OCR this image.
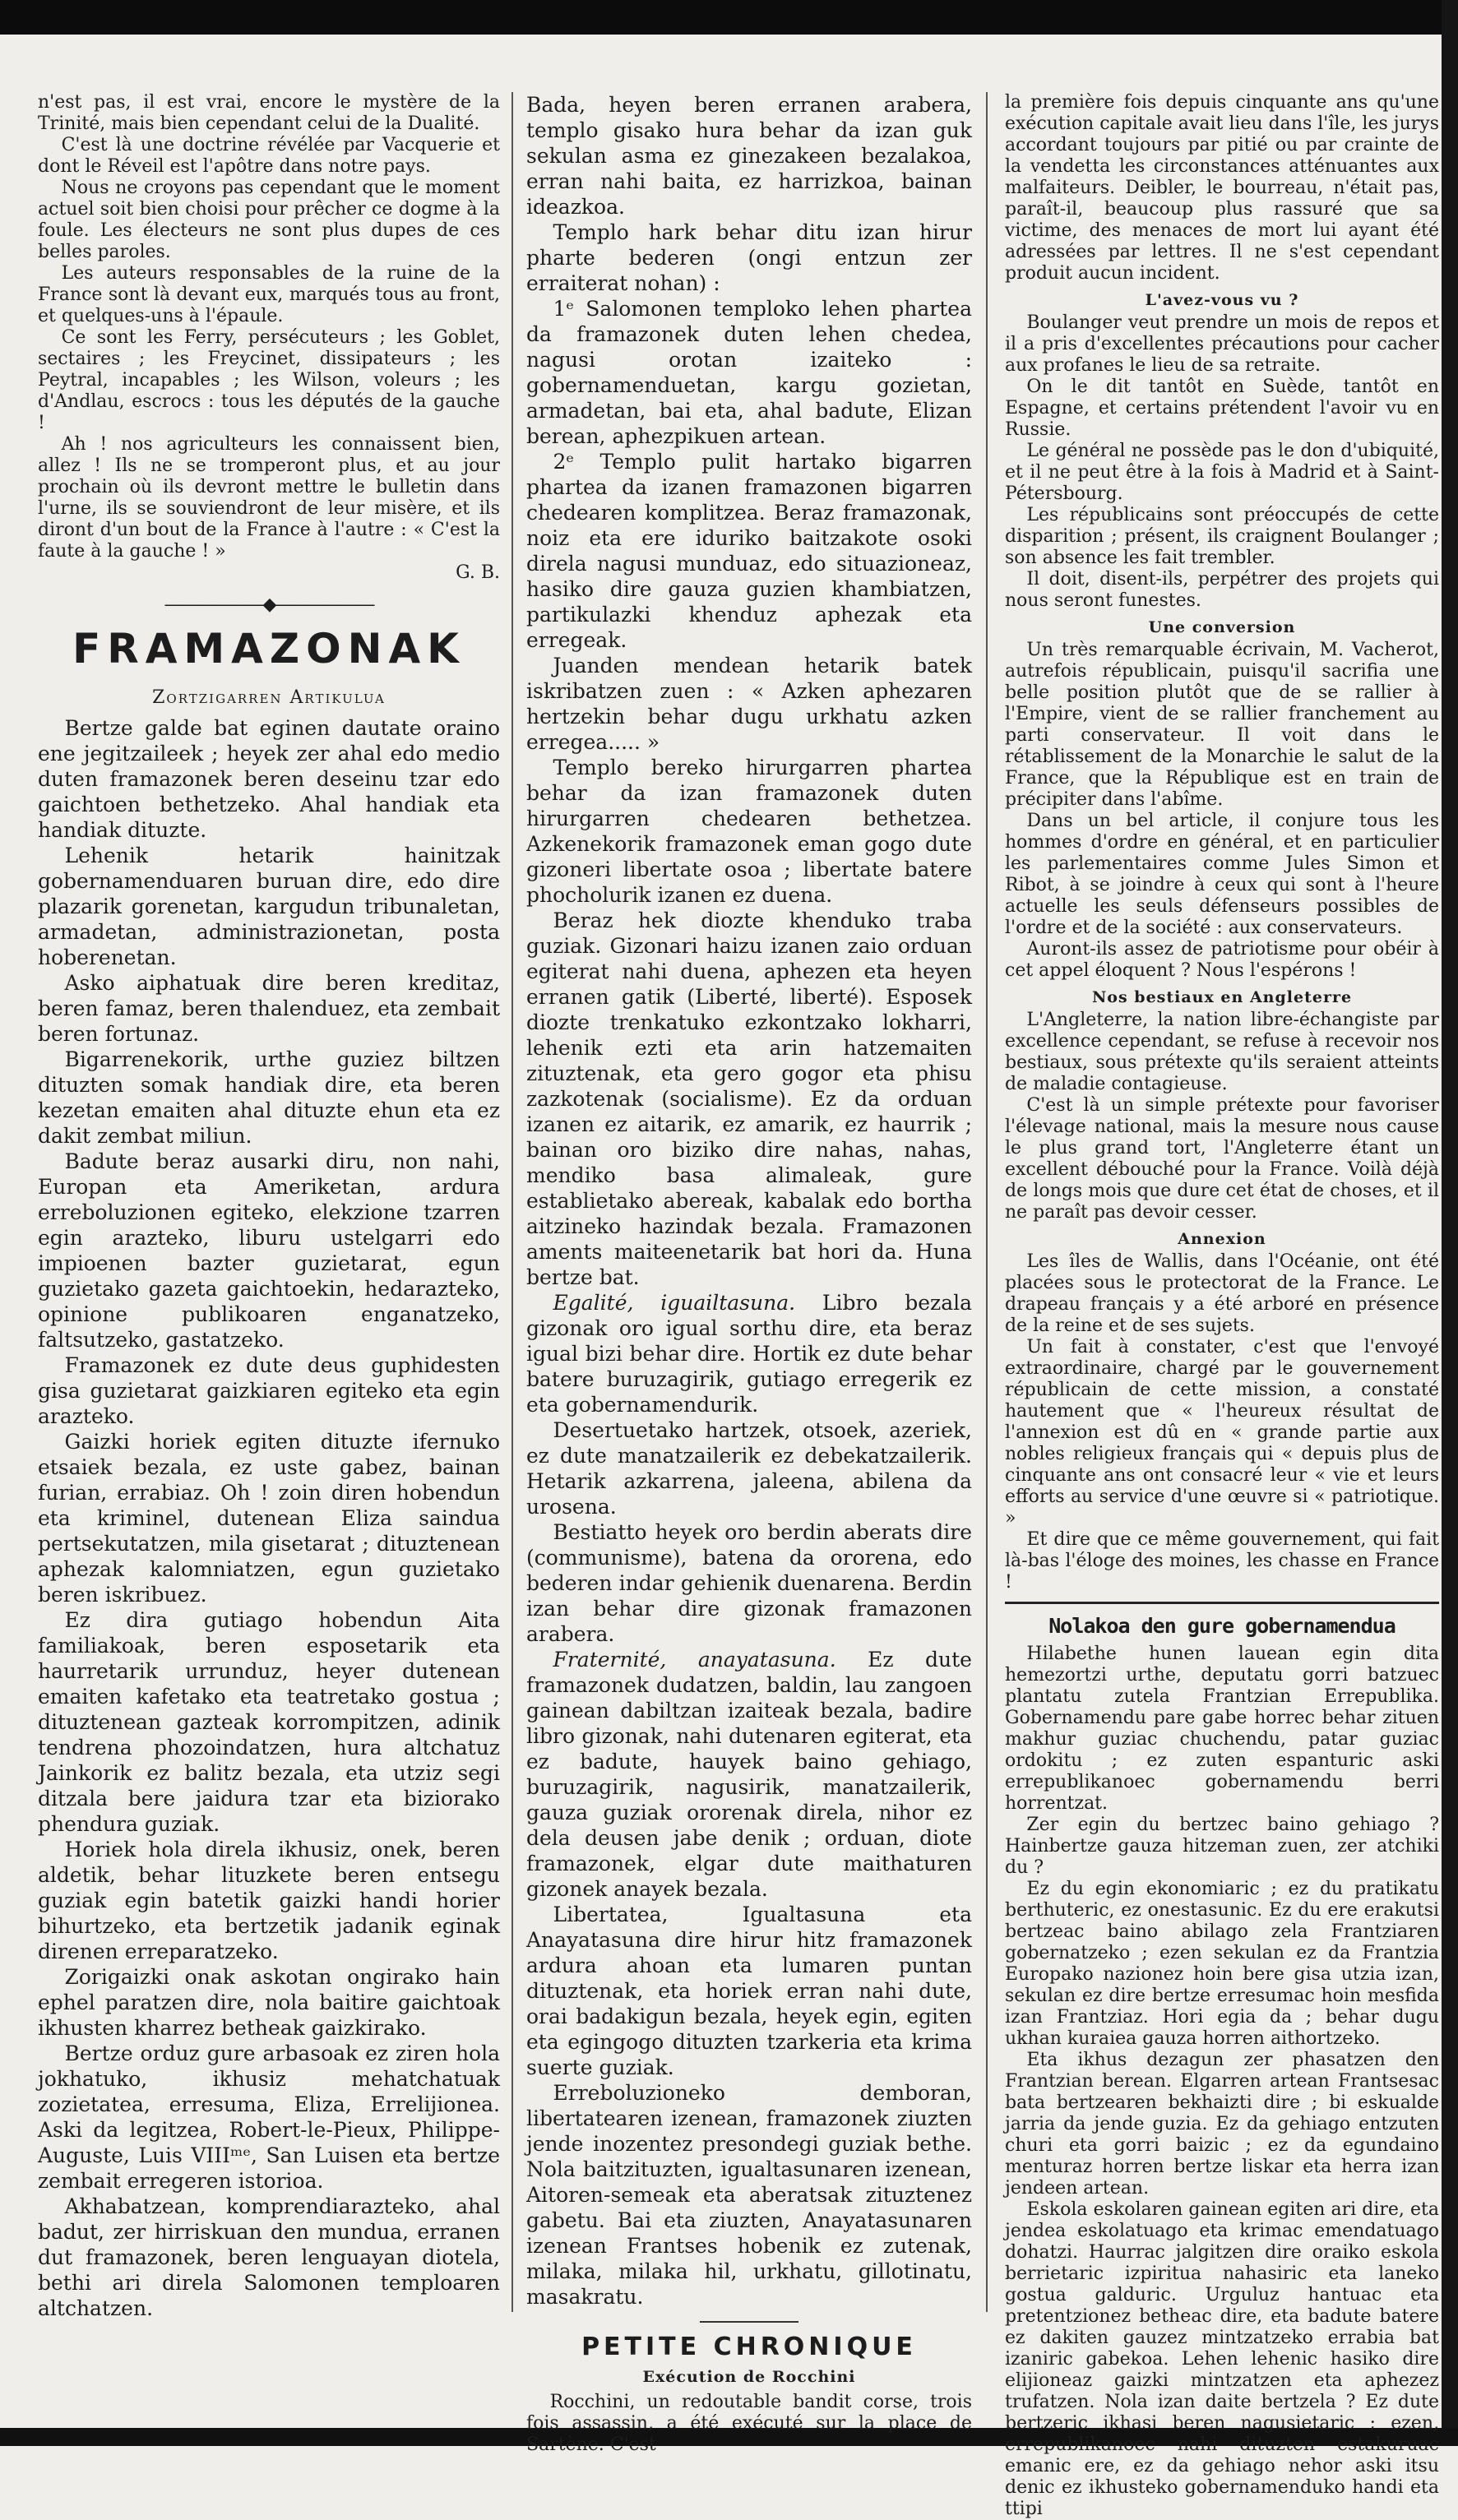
n'est pas, il est vrai, encore le mystère de la Trinité, mais bien cependant celui de la Dualité.

C'est là une doctrine révélée par Vacquerie et dont le Réveil est l'apôtre dans notre pays.

Nous ne croyons pas cependant que le moment actuel soit bien choisi pour prêcher ce dogme à la foule. Les électeurs ne sont plus dupes de ces belles paroles.

Les auteurs responsables de la ruine de la France sont là devant eux, marqués tous au front, et quelques-uns à l'épaule.

Ce sont les Ferry, persécuteurs ; les Goblet, sectaires ; les Freycinet, dissipateurs ; les Peytral, incapables ; les Wilson, voleurs ; les d'Andlau, escrocs : tous les députés de la gauche !

Ah ! nos agriculteurs les connaissent bien, allez ! Ils ne se tromperont plus, et au jour prochain où ils devront mettre le bulletin dans l'urne, ils se souviendront de leur misère, et ils diront d'un bout de la France à l'autre : « C'est la faute à la gauche ! »

G. B.
——————◆——————
FRAMAZONAK
Zortzigarren Artikulua

Bertze galde bat eginen dautate oraino ene jegitzaileek ; heyek zer ahal edo medio duten framazonek beren deseinu tzar edo gaichtoen bethetzeko. Ahal handiak eta handiak dituzte.

Lehenik hetarik hainitzak gobernamenduaren buruan dire, edo dire plazarik gorenetan, kargudun tribunaletan, armadetan, administrazionetan, posta hoberenetan.

Asko aiphatuak dire beren kreditaz, beren famaz, beren thalenduez, eta zembait beren fortunaz.

Bigarrenekorik, urthe guziez biltzen dituzten somak handiak dire, eta beren kezetan emaiten ahal dituzte ehun eta ez dakit zembat miliun.

Badute beraz ausarki diru, non nahi, Europan eta Ameriketan, ardura erreboluzionen egiteko, elekzione tzarren egin arazteko, liburu ustelgarri edo impioenen bazter guzietarat, egun guzietako gazeta gaichtoekin, hedarazteko, opinione publikoaren enganatzeko, faltsutzeko, gastatzeko.

Framazonek ez dute deus guphidesten gisa guzietarat gaizkiaren egiteko eta egin arazteko.

Gaizki horiek egiten dituzte ifernuko etsaiek bezala, ez uste gabez, bainan furian, errabiaz. Oh ! zoin diren hobendun eta kriminel, dutenean Eliza saindua pertsekutatzen, mila gisetarat ; dituztenean aphezak kalomniatzen, egun guzietako beren iskribuez.

Ez dira gutiago hobendun Aita familiakoak, beren esposetarik eta haurretarik urrunduz, heyer dutenean emaiten kafetako eta teatretako gostua ; dituztenean gazteak korrompitzen, adinik tendrena phozoindatzen, hura altchatuz Jainkorik ez balitz bezala, eta utziz segi ditzala bere jaidura tzar eta biziorako phendura guziak.

Horiek hola direla ikhusiz, onek, beren aldetik, behar lituzkete beren entsegu guziak egin batetik gaizki handi horier bihurtzeko, eta bertzetik jadanik eginak direnen erreparatzeko.

Zorigaizki onak askotan ongirako hain ephel paratzen dire, nola baitire gaichtoak ikhusten kharrez betheak gaizkirako.

Bertze orduz gure arbasoak ez ziren hola jokhatuko, ikhusiz mehatchatuak zozietatea, erresuma, Eliza, Errelijionea. Aski da legitzea, Robert-le-Pieux, Philippe-Auguste, Luis VIIIᵐᵉ, San Luisen eta bertze zembait erregeren istorioa.

Akhabatzean, komprendiarazteko, ahal badut, zer hirriskuan den mundua, erranen dut framazonek, beren lenguayan diotela, bethi ari direla Salomonen temploaren altchatzen.

Bada, heyen beren erranen arabera, templo gisako hura behar da izan guk sekulan asma ez ginezakeen bezalakoa, erran nahi baita, ez harrizkoa, bainan ideazkoa.

Templo hark behar ditu izan hirur pharte bederen (ongi entzun zer erraiterat nohan) :

1ᵉ Salomonen temploko lehen phartea da framazonek duten lehen chedea, nagusi orotan izaiteko : gobernamenduetan, kargu gozietan, armadetan, bai eta, ahal badute, Elizan berean, aphezpikuen artean.

2ᵉ Templo pulit hartako bigarren phartea da izanen framazonen bigarren chedearen komplitzea. Beraz framazonak, noiz eta ere iduriko baitzakote osoki direla nagusi munduaz, edo situazioneaz, hasiko dire gauza guzien khambiatzen, partikulazki khenduz aphezak eta erregeak.

Juanden mendean hetarik batek iskribatzen zuen : « Azken aphezaren hertzekin behar dugu urkhatu azken erregea..... »

Templo bereko hirurgarren phartea behar da izan framazonek duten hirurgarren chedearen bethetzea. Azkenekorik framazonek eman gogo dute gizoneri libertate osoa ; libertate batere phocholurik izanen ez duena.

Beraz hek diozte khenduko traba guziak. Gizonari haizu izanen zaio orduan egiterat nahi duena, aphezen eta heyen erranen gatik (Liberté, liberté). Esposek diozte trenkatuko ezkontzako lokharri, lehenik ezti eta arin hatzemaiten zituztenak, eta gero gogor eta phisu zazkotenak (socialisme). Ez da orduan izanen ez aitarik, ez amarik, ez haurrik ; bainan oro biziko dire nahas, nahas, mendiko basa alimaleak, gure establietako abereak, kabalak edo bortha aitzineko hazindak bezala. Framazonen aments maiteenetarik bat hori da. Huna bertze bat.

Egalité, iguailtasuna. Libro bezala gizonak oro igual sorthu dire, eta beraz igual bizi behar dire. Hortik ez dute behar batere buruzagirik, gutiago erregerik ez eta gobernamendurik.

Desertuetako hartzek, otsoek, azeriek, ez dute manatzailerik ez debekatzailerik. Hetarik azkarrena, jaleena, abilena da urosena.

Bestiatto heyek oro berdin aberats dire (communisme), batena da ororena, edo bederen indar gehienik duenarena. Berdin izan behar dire gizonak framazonen arabera.

Fraternité, anayatasuna. Ez dute framazonek dudatzen, baldin, lau zangoen gainean dabiltzan izaiteak bezala, badire libro gizonak, nahi dutenaren egiterat, eta ez badute, hauyek baino gehiago, buruzagirik, nagusirik, manatzailerik, gauza guziak ororenak direla, nihor ez dela deusen jabe denik ; orduan, diote framazonek, elgar dute maithaturen gizonek anayek bezala.

Libertatea, Igualtasuna eta Anayatasuna dire hirur hitz framazonek ardura ahoan eta lumaren puntan dituztenak, eta horiek erran nahi dute, orai badakigun bezala, heyek egin, egiten eta egingogo dituzten tzarkeria eta krima suerte guziak.

Erreboluzioneko demboran, libertatearen izenean, framazonek ziuzten jende inozentez presondegi guziak bethe. Nola baitzituzten, igualtasunaren izenean, Aitoren-semeak eta aberatsak zituztenez gabetu. Bai eta ziuzten, Anayatasunaren izenean Frantses hobenik ez zutenak, milaka, milaka hil, urkhatu, gillotinatu, masakratu.

PETITE CHRONIQUE
Exécution de Rocchini

Rocchini, un redoutable bandit corse, trois fois assassin, a été exécuté sur la place de Sartène. C'est

la première fois depuis cinquante ans qu'une exécution capitale avait lieu dans l'île, les jurys accordant toujours par pitié ou par crainte de la vendetta les circonstances atténuantes aux malfaiteurs. Deibler, le bourreau, n'était pas, paraît-il, beaucoup plus rassuré que sa victime, des menaces de mort lui ayant été adressées par lettres. Il ne s'est cependant produit aucun incident.

L'avez-vous vu ?

Boulanger veut prendre un mois de repos et il a pris d'excellentes précautions pour cacher aux profanes le lieu de sa retraite.

On le dit tantôt en Suède, tantôt en Espagne, et certains prétendent l'avoir vu en Russie.

Le général ne possède pas le don d'ubiquité, et il ne peut être à la fois à Madrid et à Saint-Pétersbourg.

Les républicains sont préoccupés de cette disparition ; présent, ils craignent Boulanger ; son absence les fait trembler.

Il doit, disent-ils, perpétrer des projets qui nous seront funestes.

Une conversion

Un très remarquable écrivain, M. Vacherot, autrefois républicain, puisqu'il sacrifia une belle position plutôt que de se rallier à l'Empire, vient de se rallier franchement au parti conservateur. Il voit dans le rétablissement de la Monarchie le salut de la France, que la République est en train de précipiter dans l'abîme.

Dans un bel article, il conjure tous les hommes d'ordre en général, et en particulier les parlementaires comme Jules Simon et Ribot, à se joindre à ceux qui sont à l'heure actuelle les seuls défenseurs possibles de l'ordre et de la société : aux conservateurs.

Auront-ils assez de patriotisme pour obéir à cet appel éloquent ? Nous l'espérons !

Nos bestiaux en Angleterre

L'Angleterre, la nation libre-échangiste par excellence cependant, se refuse à recevoir nos bestiaux, sous prétexte qu'ils seraient atteints de maladie contagieuse.

C'est là un simple prétexte pour favoriser l'élevage national, mais la mesure nous cause le plus grand tort, l'Angleterre étant un excellent débouché pour la France. Voilà déjà de longs mois que dure cet état de choses, et il ne paraît pas devoir cesser.

Annexion

Les îles de Wallis, dans l'Océanie, ont été placées sous le protectorat de la France. Le drapeau français y a été arboré en présence de la reine et de ses sujets.

Un fait à constater, c'est que l'envoyé extraordinaire, chargé par le gouvernement républicain de cette mission, a constaté hautement que « l'heureux résultat de l'annexion est dû en « grande partie aux nobles religieux français qui « depuis plus de cinquante ans ont consacré leur « vie et leurs efforts au service d'une œuvre si « patriotique. »

Et dire que ce même gouvernement, qui fait là-bas l'éloge des moines, les chasse en France !

Nolakoa den gure gobernamendua

Hilabethe hunen lauean egin dita hemezortzi urthe, deputatu gorri batzuec plantatu zutela Frantzian Errepublika. Gobernamendu pare gabe horrec behar zituen makhur guziac chuchendu, patar guziac ordokitu ; ez zuten espanturic aski errepublikanoec gobernamendu berri horrentzat.

Zer egin du bertzec baino gehiago ? Hainbertze gauza hitzeman zuen, zer atchiki du ?

Ez du egin ekonomiaric ; ez du pratikatu berthuteric, ez onestasunic. Ez du ere erakutsi bertzeac baino abilago zela Frantziaren gobernatzeko ; ezen sekulan ez da Frantzia Europako nazionez hoin bere gisa utzia izan, sekulan ez dire bertze erresumac hoin mesfida izan Frantziaz. Hori egia da ; behar dugu ukhan kuraiea gauza horren aithortzeko.

Eta ikhus dezagun zer phasatzen den Frantzian berean. Elgarren artean Frantsesac bata bertzearen bekhaizti dire ; bi eskualde jarria da jende guzia. Ez da gehiago entzuten churi eta gorri baizic ; ez da egundaino menturaz horren bertze liskar eta herra izan jendeen artean.

Eskola eskolaren gainean egiten ari dire, eta jendea eskolatuago eta krimac emendatuago dohatzi. Haurrac jalgitzen dire oraiko eskola berrietaric izpiritua nahasiric eta laneko gostua galduric. Urguluz hantuac eta pretentzionez betheac dire, eta badute batere ez dakiten gauzez mintzatzeko errabia bat izaniric gabekoa. Lehen lehenic hasiko dire elijioneaz gaizki mintzatzen eta aphezez trufatzen. Nola izan daite bertzela ? Ez dute bertzeric ikhasi beren nagusietaric ; ezen, errepublikanoec nahi dituzten estakuruac emanic ere, ez da gehiago nehor aski itsu denic ez ikhusteko gobernamenduko handi eta ttipi
